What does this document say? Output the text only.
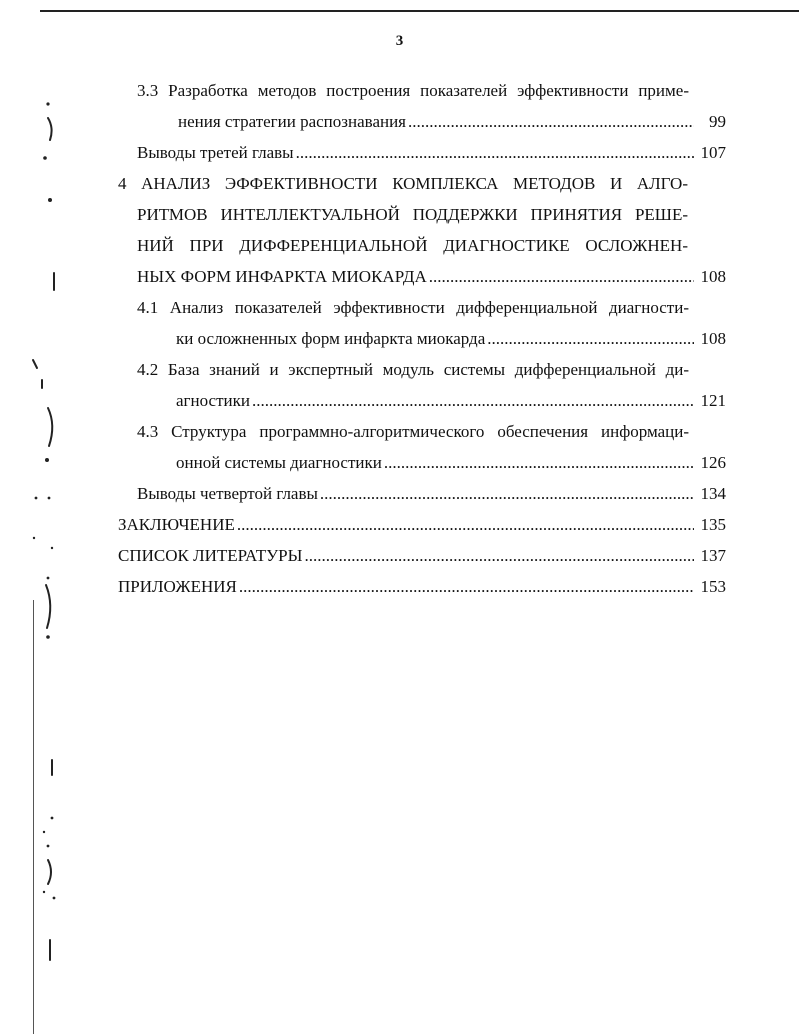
3
3.3 Разработка методов построения показателей эффективности приме-
нения стратегии распознавания .....	99
Выводы третей главы .....	107
4 АНАЛИЗ ЭФФЕКТИВНОСТИ КОМПЛЕКСА МЕТОДОВ И АЛГО-
РИТМОВ ИНТЕЛЛЕКТУАЛЬНОЙ ПОДДЕРЖКИ ПРИНЯТИЯ РЕШЕ-
НИЙ ПРИ ДИФФЕРЕНЦИАЛЬНОЙ ДИАГНОСТИКЕ ОСЛОЖНЕН-
НЫХ ФОРМ ИНФАРКТА МИОКАРДА .....	108
4.1 Анализ показателей эффективности дифференциальной диагности-
ки осложненных форм инфаркта миокарда .....	108
4.2 База знаний и экспертный модуль системы дифференциальной ди-
агностики .....	121
4.3 Структура программно-алгоритмического обеспечения информаци-
онной системы диагностики .....	126
Выводы четвертой главы .....	134
ЗАКЛЮЧЕНИЕ .....	135
СПИСОК ЛИТЕРАТУРЫ .....	137
ПРИЛОЖЕНИЯ .....	153
